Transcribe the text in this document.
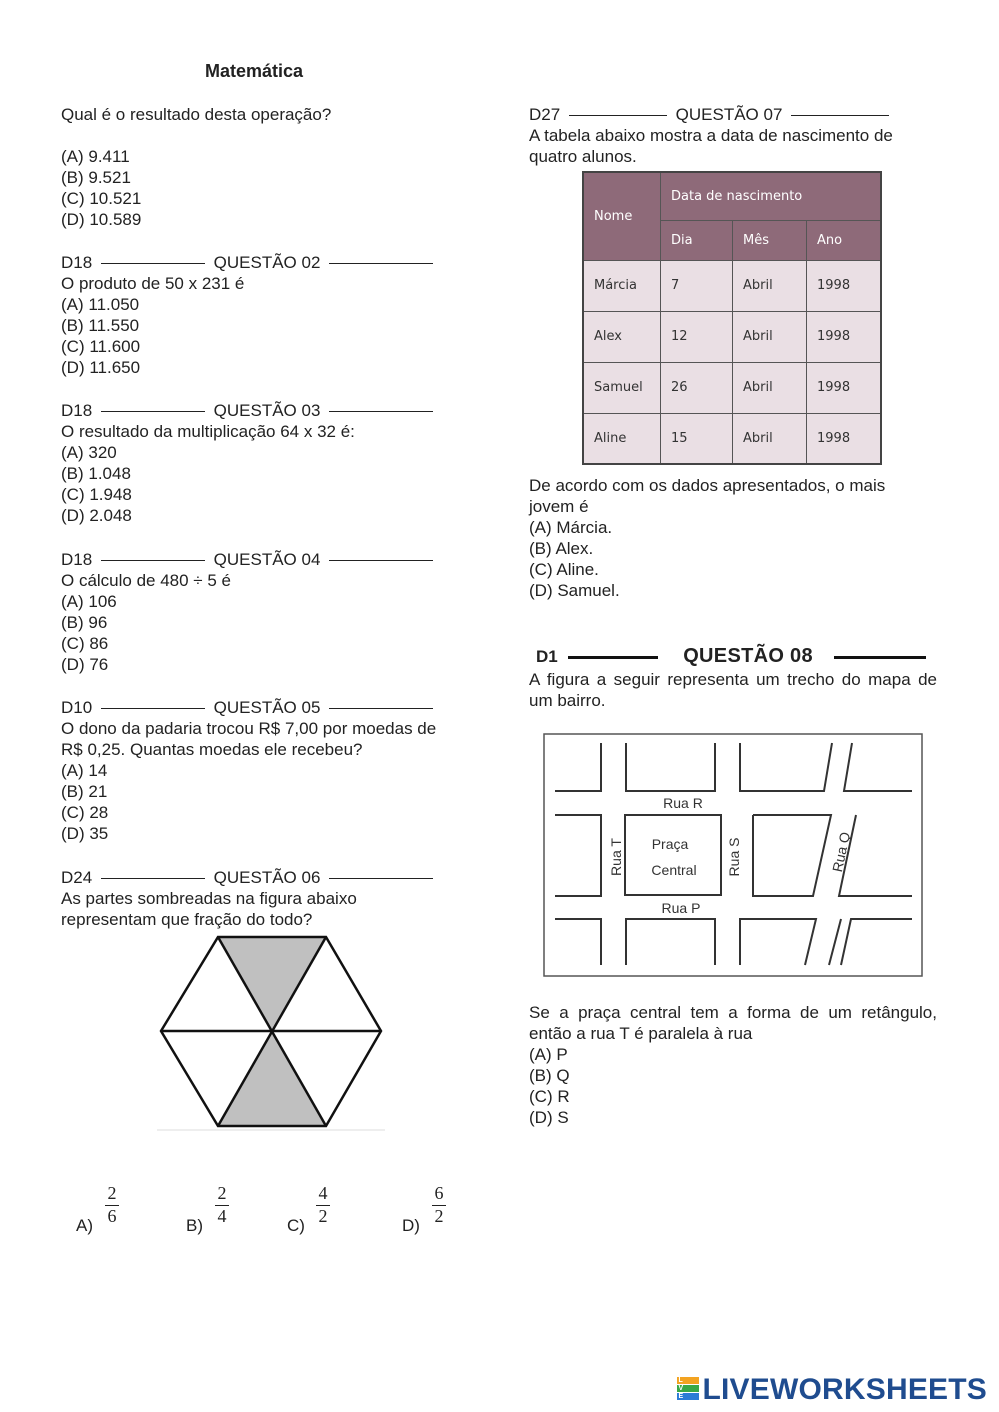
Matemática
Qual é o resultado desta operação?
(A) 9.411
(B) 9.521
(C) 10.521
(D) 10.589
D18	QUESTÃO 02
O produto de 50 x 231 é
(A) 11.050
(B) 11.550
(C) 11.600
(D) 11.650
D18	QUESTÃO 03
O resultado da multiplicação 64 x 32 é:
(A) 320
(B) 1.048
(C) 1.948
(D) 2.048
D18	QUESTÃO 04
O cálculo de 480 ÷ 5 é
(A) 106
(B) 96
(C) 86
(D) 76
D10	QUESTÃO 05
O dono da padaria trocou R$ 7,00 por moedas de
R$ 0,25. Quantas moedas ele recebeu?
(A) 14
(B) 21
(C) 28
(D) 35
D24	QUESTÃO 06
As partes sombreadas na figura abaixo
representam que fração do todo?
A)
2
6	B)
2
4	C)
4
2	D)
6
2
D27	QUESTÃO 07
A tabela abaixo mostra a data de nascimento de
quatro alunos.
Nome	Data de nascimento		
	Dia	Mês	Ano
Márcia	7	Abril	1998
Alex	12	Abril	1998
Samuel	26	Abril	1998
Aline	15	Abril	1998
De acordo com os dados apresentados, o mais
jovem é
(A) Márcia.
(B) Alex.
(C) Aline.
(D) Samuel.
D1	QUESTÃO 08
A figura a seguir representa um trecho do mapa de um bairro.
Rua R
Rua P
Rua T	Rua S	Rua Q
Praça
Central
Se a praça central tem a forma de um retângulo, então a rua T é paralela à rua
(A) P
(B) Q
(C) R
(D) S
L
V
E LIVEWORKSHEETS
